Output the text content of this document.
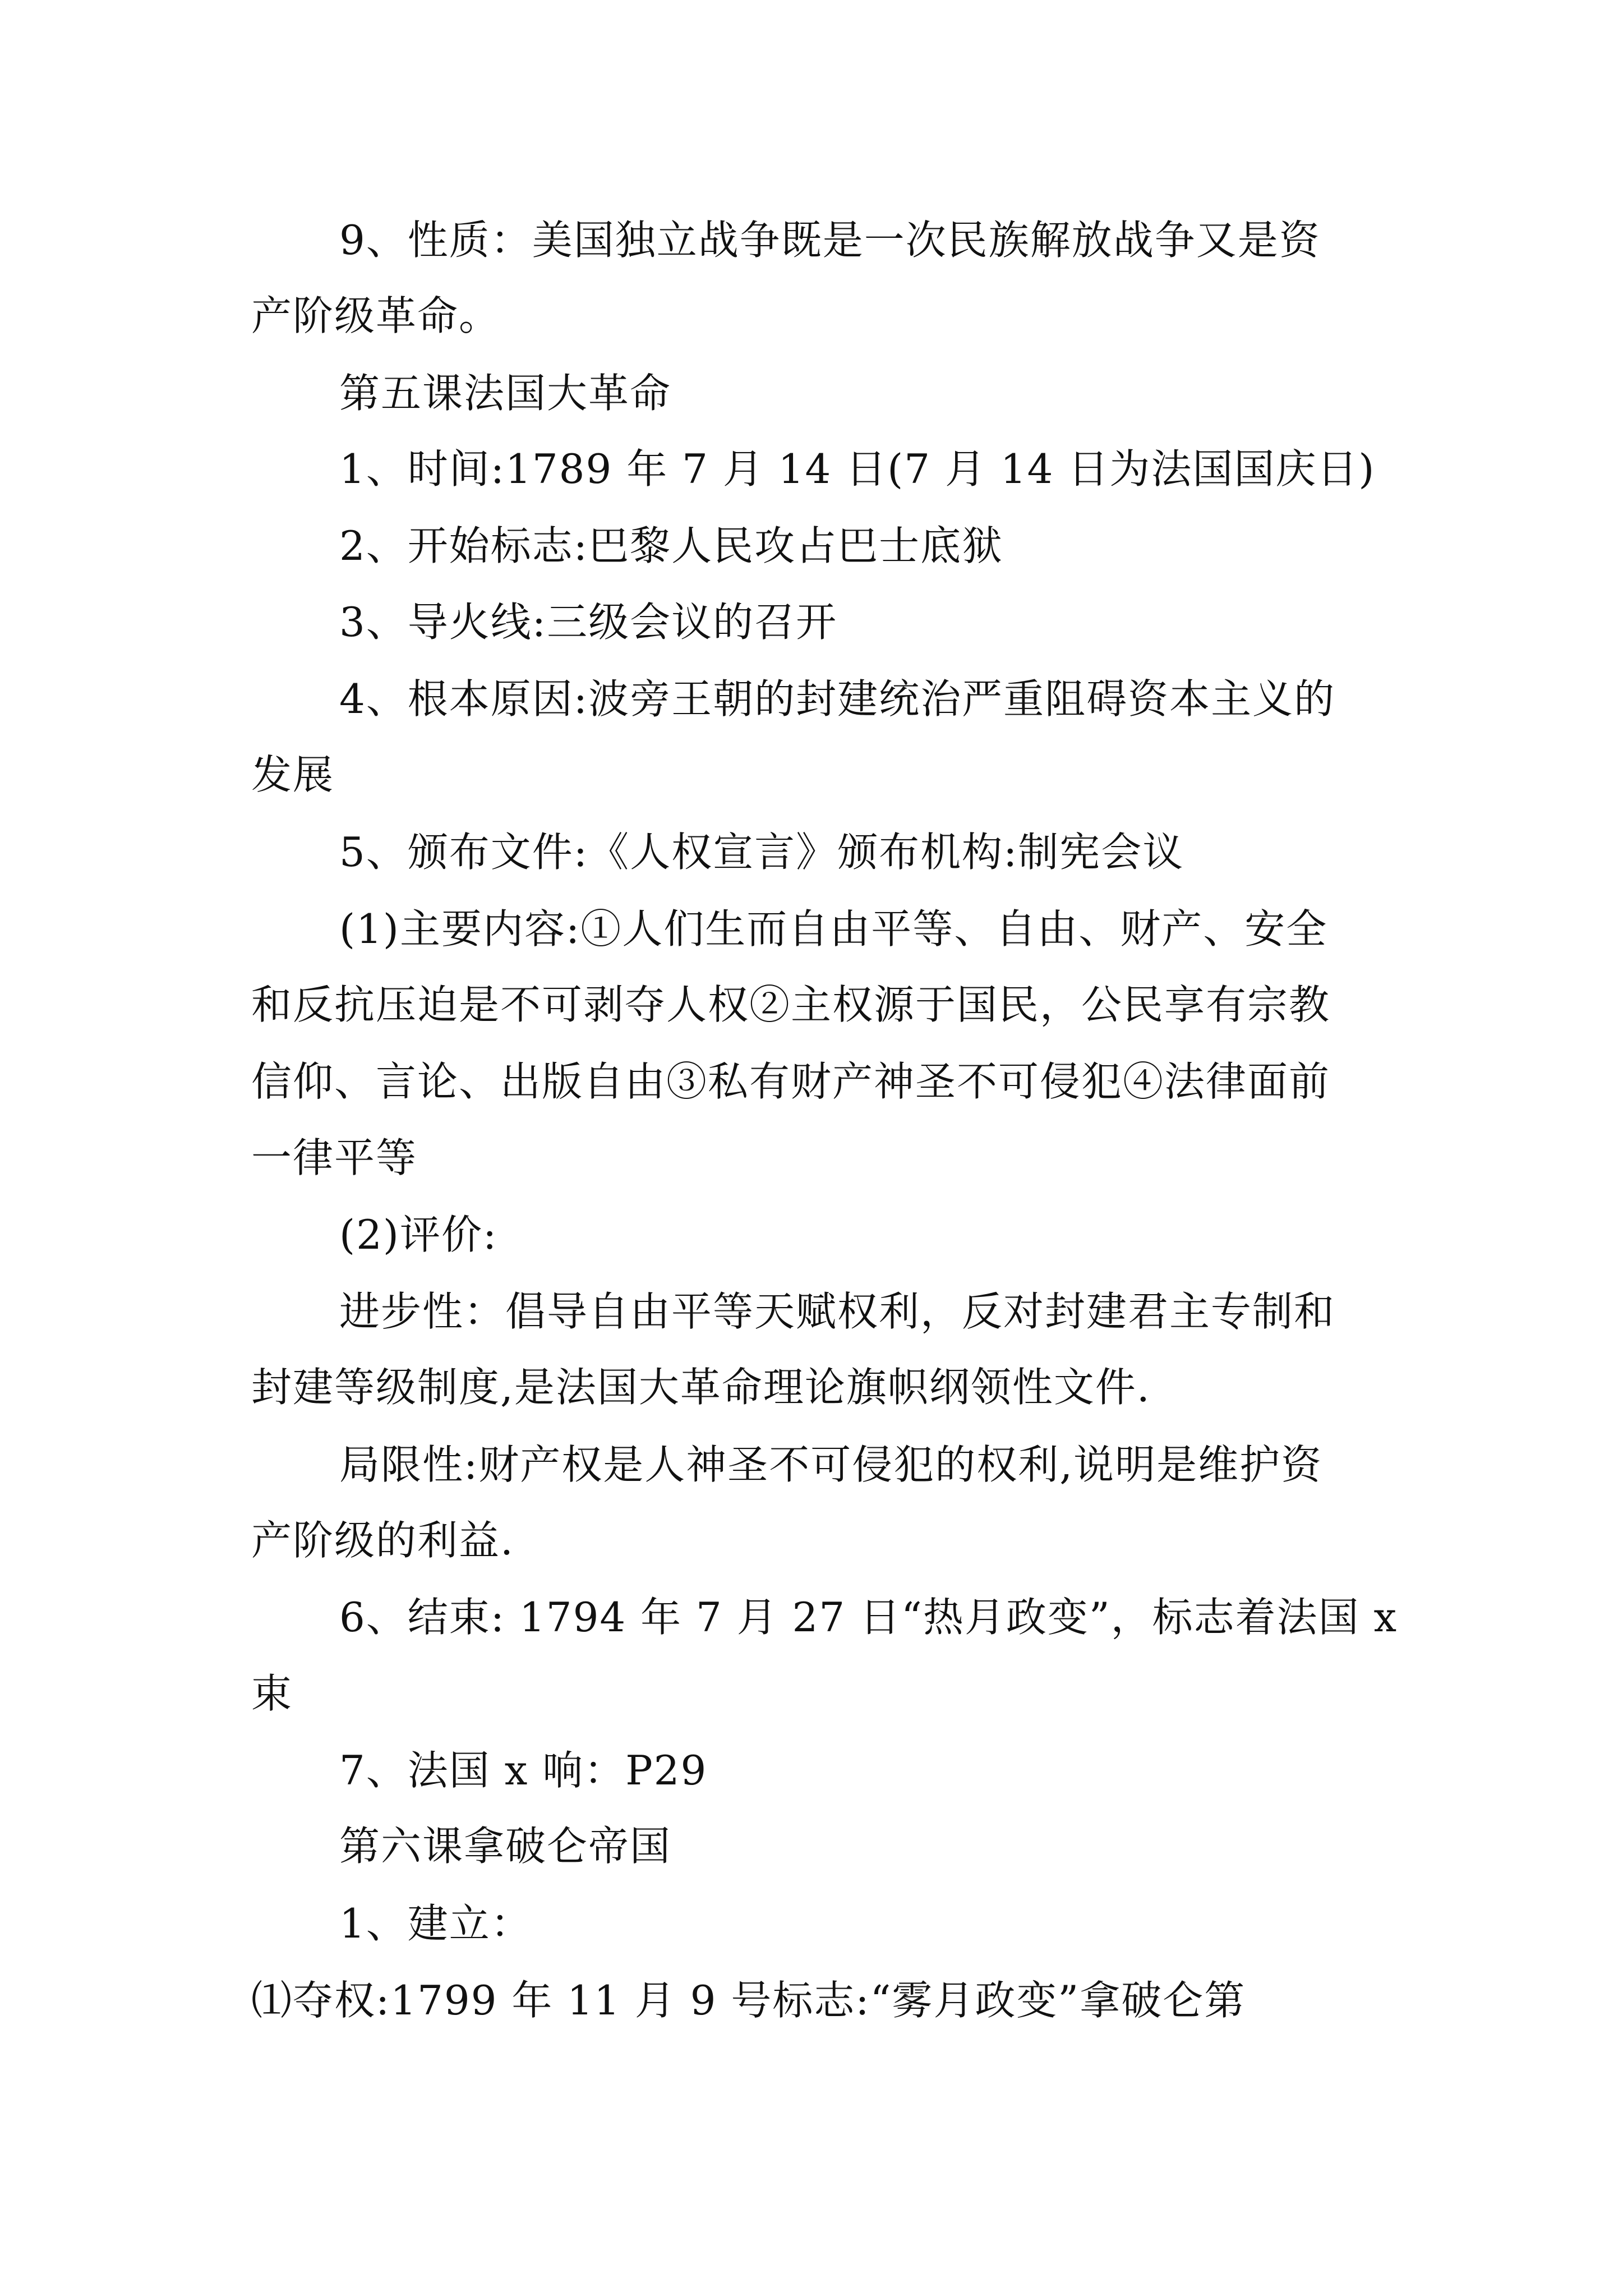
9、性质：美国独立战争既是一次民族解放战争又是资
产阶级革命。
第五课法国大革命
1、时间:1789 年 7 月 14 日(7 月 14 日为法国国庆日)
2、开始标志:巴黎人民攻占巴士底狱
3、导火线:三级会议的召开
4、根本原因:波旁王朝的封建统治严重阻碍资本主义的
发展
5、颁布文件:《人权宣言》颁布机构:制宪会议
(1)主要内容:①人们生而自由平等、自由、财产、安全
和反抗压迫是不可剥夺人权②主权源于国民，公民享有宗教
信仰、言论、出版自由③私有财产神圣不可侵犯④法律面前
一律平等
(2)评价:
进步性：倡导自由平等天赋权利，反对封建君主专制和
封建等级制度,是法国大革命理论旗帜纲领性文件.
局限性:财产权是人神圣不可侵犯的权利,说明是维护资
产阶级的利益.
6、结束: 1794 年 7 月 27 日“热月政变”，标志着法国 x
束
7、法国 x 响：P29
第六课拿破仑帝国
1、建立：
⑴夺权:1799 年 11 月 9 号标志:“雾月政变”拿破仑第
